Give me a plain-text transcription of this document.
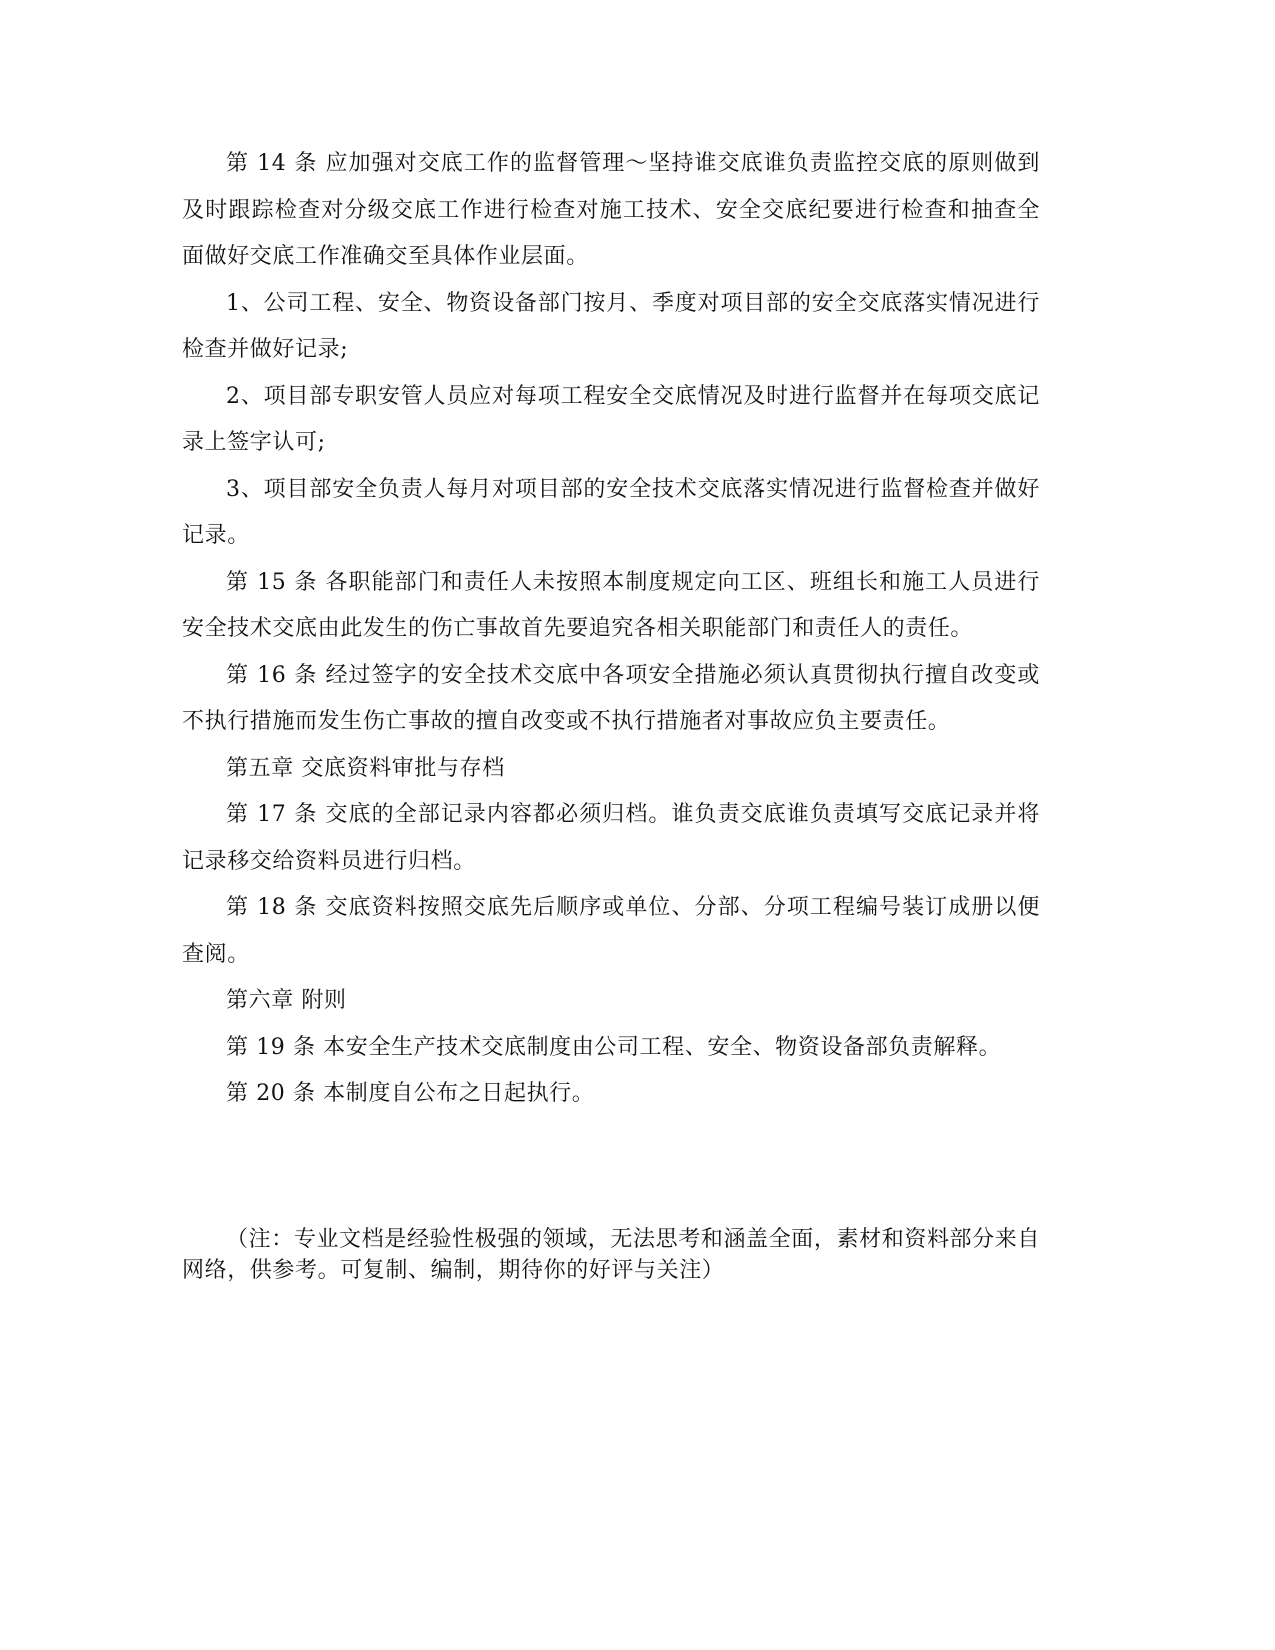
第 14 条 应加强对交底工作的监督管理～坚持谁交底谁负责监控交底的原则做到及时跟踪检查对分级交底工作进行检查对施工技术、安全交底纪要进行检查和抽查全面做好交底工作准确交至具体作业层面。

1、公司工程、安全、物资设备部门按月、季度对项目部的安全交底落实情况进行检查并做好记录;

2、项目部专职安管人员应对每项工程安全交底情况及时进行监督并在每项交底记录上签字认可;

3、项目部安全负责人每月对项目部的安全技术交底落实情况进行监督检查并做好记录。

第 15 条 各职能部门和责任人未按照本制度规定向工区、班组长和施工人员进行安全技术交底由此发生的伤亡事故首先要追究各相关职能部门和责任人的责任。

第 16 条 经过签字的安全技术交底中各项安全措施必须认真贯彻执行擅自改变或不执行措施而发生伤亡事故的擅自改变或不执行措施者对事故应负主要责任。

第五章 交底资料审批与存档

第 17 条 交底的全部记录内容都必须归档。谁负责交底谁负责填写交底记录并将记录移交给资料员进行归档。

第 18 条 交底资料按照交底先后顺序或单位、分部、分项工程编号装订成册以便查阅。

第六章 附则

第 19 条 本安全生产技术交底制度由公司工程、安全、物资设备部负责解释。

第 20 条 本制度自公布之日起执行。

（注：专业文档是经验性极强的领域，无法思考和涵盖全面，素材和资料部分来自网络，供参考。可复制、编制，期待你的好评与关注）
